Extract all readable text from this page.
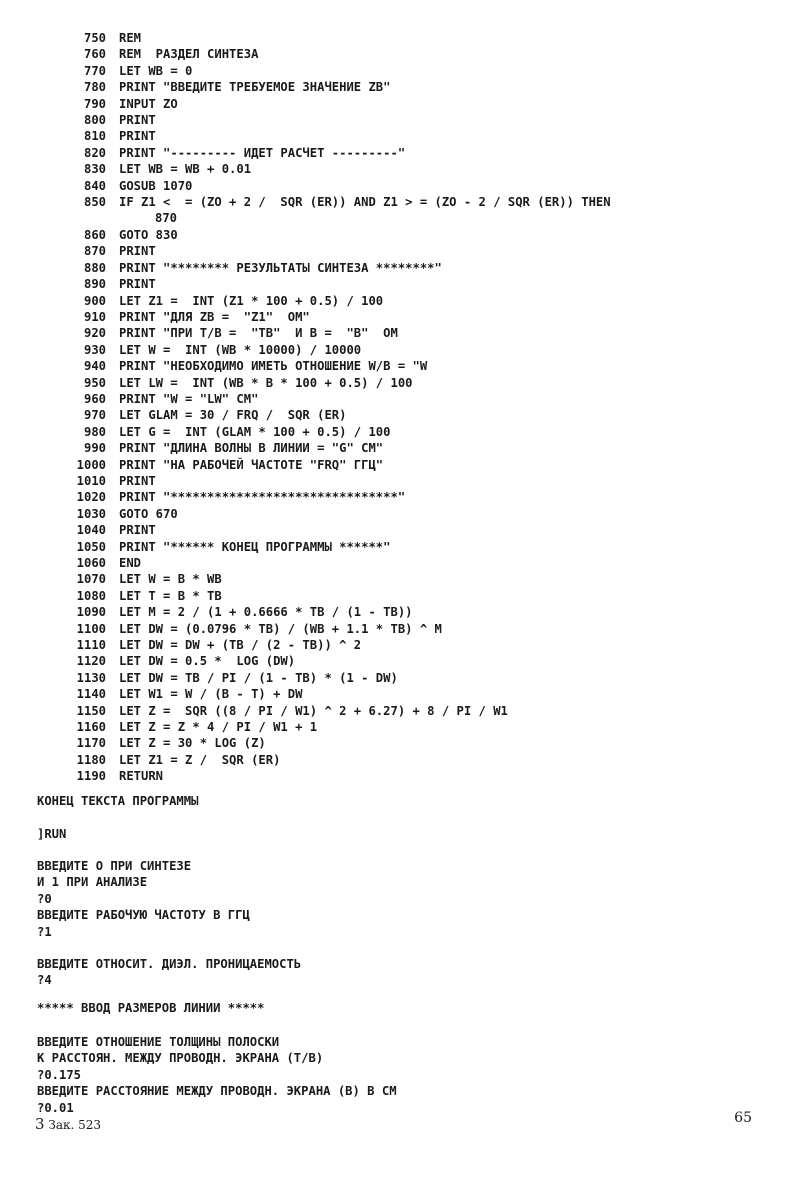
750	REM
760	REM  РАЗДЕЛ СИНТЕЗА
770	LET WB = 0
780	PRINT "ВВЕДИТЕ ТРЕБУЕМОЕ ЗНАЧЕНИЕ ZB"
790	INPUT ZO
800	PRINT
810	PRINT
820	PRINT "--------- ИДЕТ РАСЧЕТ ---------"
830	LET WB = WB + 0.01
840	GOSUB 1070
850	IF Z1 <  = (ZO + 2 /  SQR (ER)) AND Z1 > = (ZO - 2 / SQR (ER)) THEN
870
860	GOTO 830
870	PRINT
880	PRINT "******** РЕЗУЛЬТАТЫ СИНТЕЗА ********"
890	PRINT
900	LET Z1 =  INT (Z1 * 100 + 0.5) / 100
910	PRINT "ДЛЯ ZB =  "Z1"  ОМ"
920	PRINT "ПРИ T/B =  "TB"  И B =  "B"  ОМ
930	LET W =  INT (WB * 10000) / 10000
940	PRINT "НЕОБХОДИМО ИМЕТЬ ОТНОШЕНИЕ W/B = "W
950	LET LW =  INT (WB * B * 100 + 0.5) / 100
960	PRINT "W = "LW" СМ"
970	LET GLAM = 30 / FRQ /  SQR (ER)
980	LET G =  INT (GLAM * 100 + 0.5) / 100
990	PRINT "ДЛИНА ВОЛНЫ В ЛИНИИ = "G" СМ"
1000	PRINT "НА РАБОЧЕЙ ЧАСТОТЕ "FRQ" ГГЦ"
1010	PRINT
1020	PRINT "*******************************"
1030	GOTO 670
1040	PRINT
1050	PRINT "****** КОНЕЦ ПРОГРАММЫ ******"
1060	END
1070	LET W = B * WB
1080	LET T = B * TB
1090	LET M = 2 / (1 + 0.6666 * TB / (1 - TB))
1100	LET DW = (0.0796 * TB) / (WB + 1.1 * TB) ^ M
1110	LET DW = DW + (TB / (2 - TB)) ^ 2
1120	LET DW = 0.5 *  LOG (DW)
1130	LET DW = TB / PI / (1 - TB) * (1 - DW)
1140	LET W1 = W / (B - T) + DW
1150	LET Z =  SQR ((8 / PI / W1) ^ 2 + 6.27) + 8 / PI / W1
1160	LET Z = Z * 4 / PI / W1 + 1
1170	LET Z = 30 * LOG (Z)
1180	LET Z1 = Z /  SQR (ER)
1190	RETURN
КОНЕЦ ТЕКСТА ПРОГРАММЫ
]RUN
ВВЕДИТЕ О ПРИ СИНТЕЗЕ
И 1 ПРИ АНАЛИЗЕ
?0
ВВЕДИТЕ РАБОЧУЮ ЧАСТОТУ В ГГЦ
?1
ВВЕДИТЕ ОТНОСИТ. ДИЭЛ. ПРОНИЦАЕМОСТЬ
?4
***** ВВОД РАЗМЕРОВ ЛИНИИ *****
ВВЕДИТЕ ОТНОШЕНИЕ ТОЛЩИНЫ ПОЛОСКИ
К РАССТОЯН. МЕЖДУ ПРОВОДН. ЭКРАНА (T/B)
?0.175
ВВЕДИТЕ РАССТОЯНИЕ МЕЖДУ ПРОВОДН. ЭКРАНА (B) В СМ
?0.01
3 Зак. 523	65
